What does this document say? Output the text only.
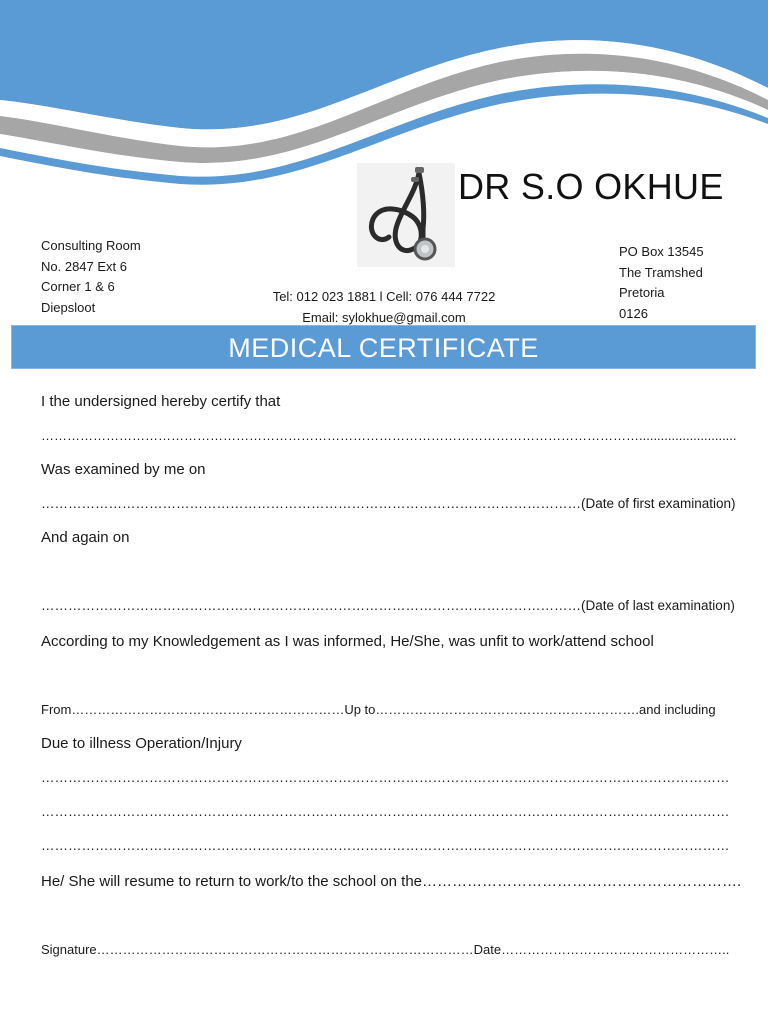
DR S.O OKHUE
Consulting Room
No. 2847 Ext 6
Corner 1 & 6
Diepsloot
Tel: 012 023 1881 l Cell: 076 444 7722
Email: sylokhue@gmail.com
PO Box 13545
The Tramshed
Pretoria
0126
MEDICAL CERTIFICATE
I the undersigned hereby certify that
…………………………………………………………………………………………………………………………...........................
Was examined by me on
…………………………………………………………………………………………………………(Date of first examination)
And again on
…………………………………………………………………………………………………………(Date of last examination)
According to my Knowledgement as I was informed, He/She, was unfit to work/attend school
From………………………………………………………Up to…………………………………………………….and including
Due to illness Operation/Injury
………………………………………………………………………………………………………………………………………
………………………………………………………………………………………………………………………………………
………………………………………………………………………………………………………………………………………
He/ She will resume to return to work/to the school on the……………………………………………………….
Signature……………………………………………………………………………Date……………………………………………..
